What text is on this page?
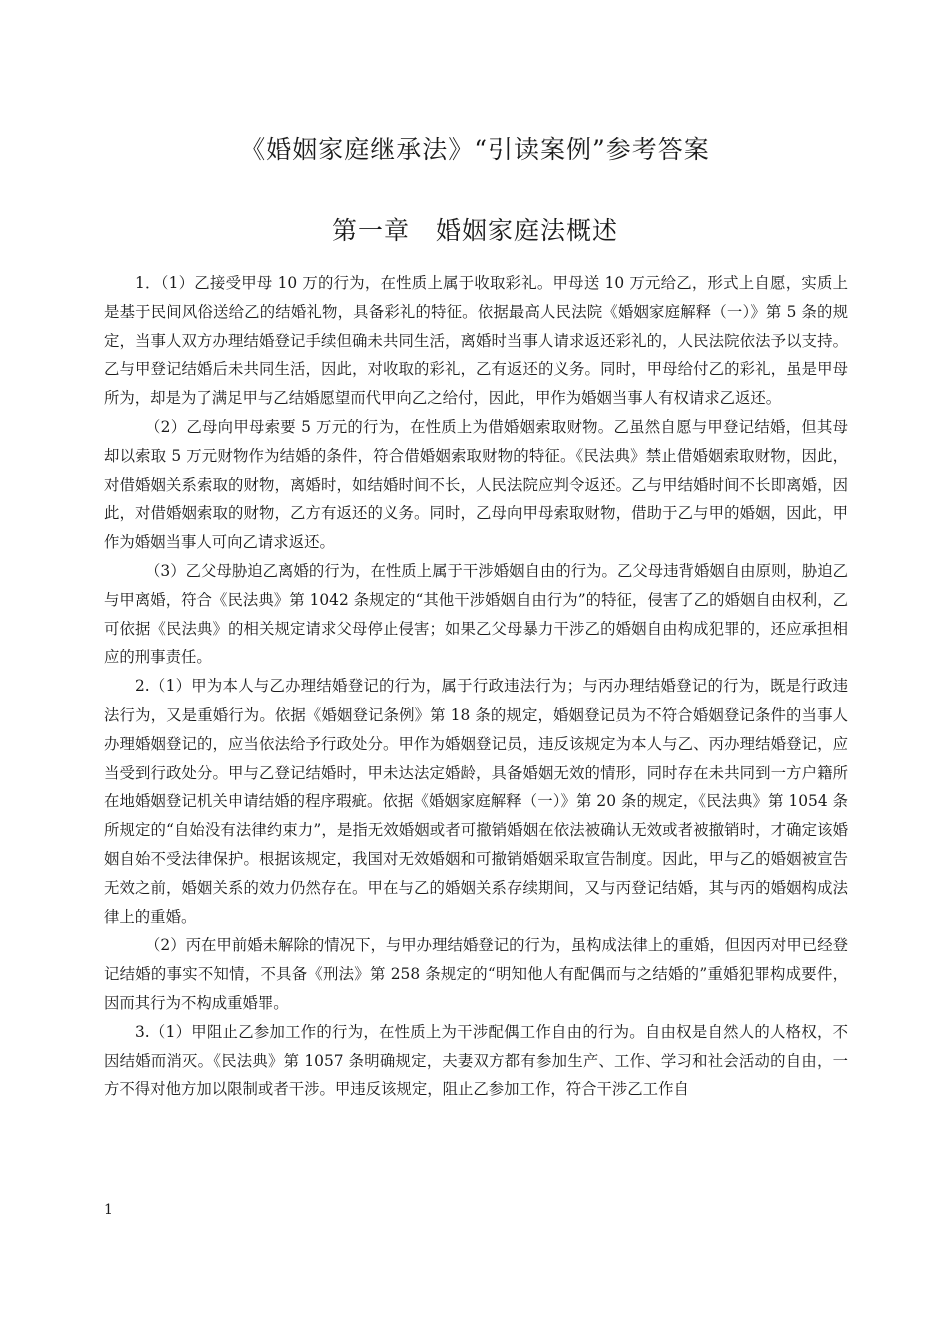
《婚姻家庭继承法》“引读案例”参考答案
第一章　婚姻家庭法概述

1．（1）乙接受甲母 10 万的行为，在性质上属于收取彩礼。甲母送 10 万元给乙，形式上自愿，实质上是基于民间风俗送给乙的结婚礼物，具备彩礼的特征。依据最高人民法院《婚姻家庭解释（一）》第 5 条的规定，当事人双方办理结婚登记手续但确未共同生活，离婚时当事人请求返还彩礼的，人民法院依法予以支持。乙与甲登记结婚后未共同生活，因此，对收取的彩礼，乙有返还的义务。同时，甲母给付乙的彩礼，虽是甲母所为，却是为了满足甲与乙结婚愿望而代甲向乙之给付，因此，甲作为婚姻当事人有权请求乙返还。

（2）乙母向甲母索要 5 万元的行为，在性质上为借婚姻索取财物。乙虽然自愿与甲登记结婚，但其母却以索取 5 万元财物作为结婚的条件，符合借婚姻索取财物的特征。《民法典》禁止借婚姻索取财物，因此，对借婚姻关系索取的财物，离婚时，如结婚时间不长，人民法院应判令返还。乙与甲结婚时间不长即离婚，因此，对借婚姻索取的财物，乙方有返还的义务。同时，乙母向甲母索取财物，借助于乙与甲的婚姻，因此，甲作为婚姻当事人可向乙请求返还。

（3）乙父母胁迫乙离婚的行为，在性质上属于干涉婚姻自由的行为。乙父母违背婚姻自由原则，胁迫乙与甲离婚，符合《民法典》第 1042 条规定的“其他干涉婚姻自由行为”的特征，侵害了乙的婚姻自由权利，乙可依据《民法典》的相关规定请求父母停止侵害；如果乙父母暴力干涉乙的婚姻自由构成犯罪的，还应承担相应的刑事责任。

2.（1）甲为本人与乙办理结婚登记的行为，属于行政违法行为；与丙办理结婚登记的行为，既是行政违法行为，又是重婚行为。依据《婚姻登记条例》第 18 条的规定，婚姻登记员为不符合婚姻登记条件的当事人办理婚姻登记的，应当依法给予行政处分。甲作为婚姻登记员，违反该规定为本人与乙、丙办理结婚登记，应当受到行政处分。甲与乙登记结婚时，甲未达法定婚龄，具备婚姻无效的情形，同时存在未共同到一方户籍所在地婚姻登记机关申请结婚的程序瑕疵。依据《婚姻家庭解释（一）》第 20 条的规定，《民法典》第 1054 条所规定的“自始没有法律约束力”，是指无效婚姻或者可撤销婚姻在依法被确认无效或者被撤销时，才确定该婚姻自始不受法律保护。根据该规定，我国对无效婚姻和可撤销婚姻采取宣告制度。因此，甲与乙的婚姻被宣告无效之前，婚姻关系的效力仍然存在。甲在与乙的婚姻关系存续期间，又与丙登记结婚，其与丙的婚姻构成法律上的重婚。

（2）丙在甲前婚未解除的情况下，与甲办理结婚登记的行为，虽构成法律上的重婚，但因丙对甲已经登记结婚的事实不知情，不具备《刑法》第 258 条规定的“明知他人有配偶而与之结婚的”重婚犯罪构成要件，因而其行为不构成重婚罪。

3.（1）甲阻止乙参加工作的行为，在性质上为干涉配偶工作自由的行为。自由权是自然人的人格权，不因结婚而消灭。《民法典》第 1057 条明确规定，夫妻双方都有参加生产、工作、学习和社会活动的自由，一方不得对他方加以限制或者干涉。甲违反该规定，阻止乙参加工作，符合干涉乙工作自

1
